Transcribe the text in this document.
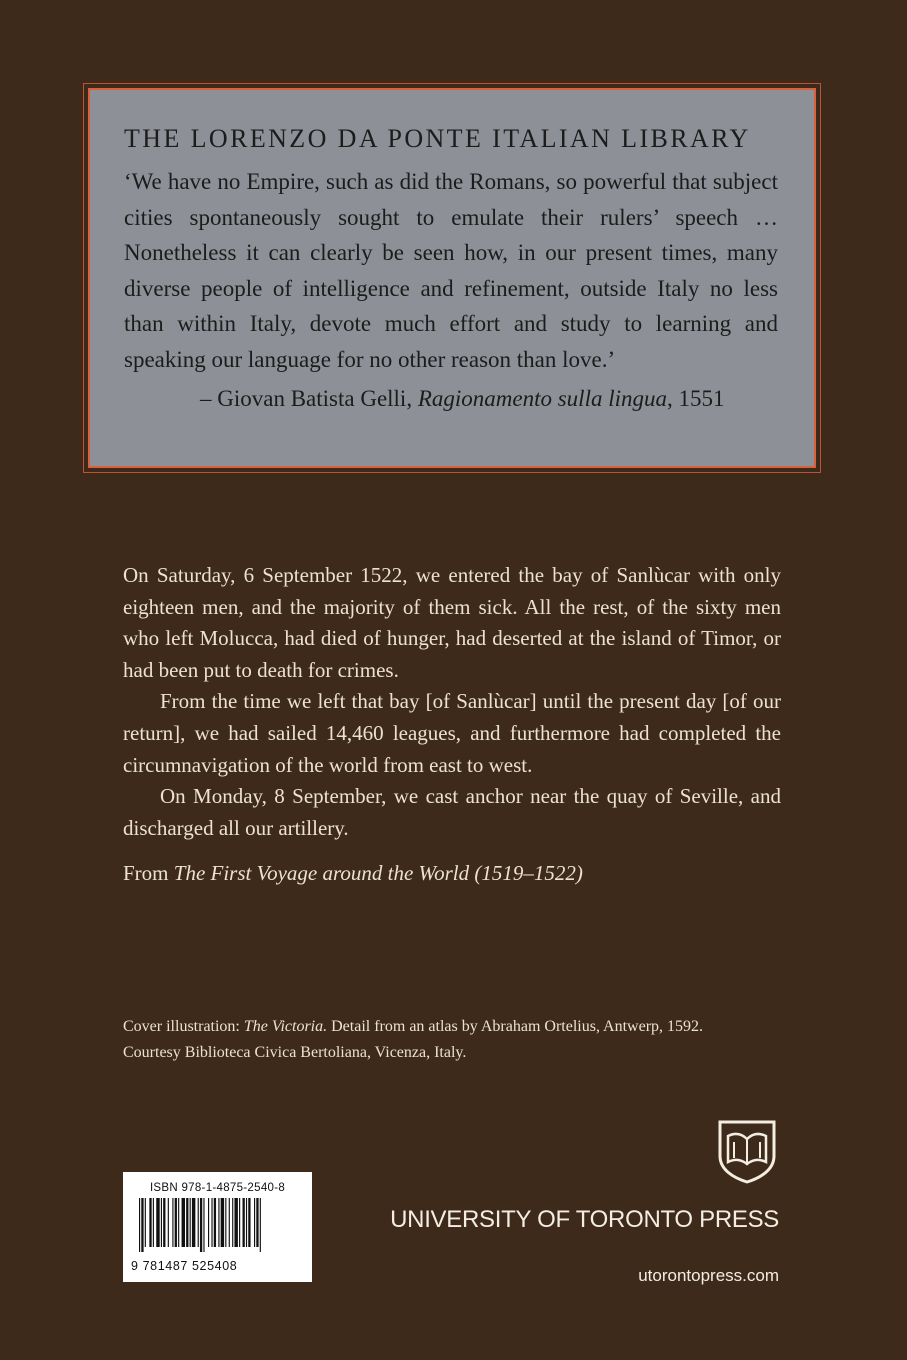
THE LORENZO DA PONTE ITALIAN LIBRARY

‘We have no Empire, such as did the Romans, so powerful that subject cities spontaneously sought to emulate their rulers’ speech … Nonetheless it can clearly be seen how, in our present times, many diverse people of intelligence and refinement, outside Italy no less than within Italy, devote much effort and study to learning and speaking our language for no other reason than love.’

– Giovan Batista Gelli, Ragionamento sulla lingua, 1551

On Saturday, 6 September 1522, we entered the bay of Sanlùcar with only eighteen men, and the majority of them sick. All the rest, of the sixty men who left Molucca, had died of hunger, had deserted at the island of Timor, or had been put to death for crimes.

From the time we left that bay [of Sanlùcar] until the present day [of our return], we had sailed 14,460 leagues, and furthermore had completed the circumnavigation of the world from east to west.

On Monday, 8 September, we cast anchor near the quay of Seville, and discharged all our artillery.

From The First Voyage around the World (1519–1522)

Cover illustration: The Victoria. Detail from an atlas by Abraham Ortelius, Antwerp, 1592.

Courtesy Biblioteca Civica Bertoliana, Vicenza, Italy.

ISBN 978-1-4875-2540-8
9 781487 525408
UNIVERSITY OF TORONTO PRESS
utorontopress.com
